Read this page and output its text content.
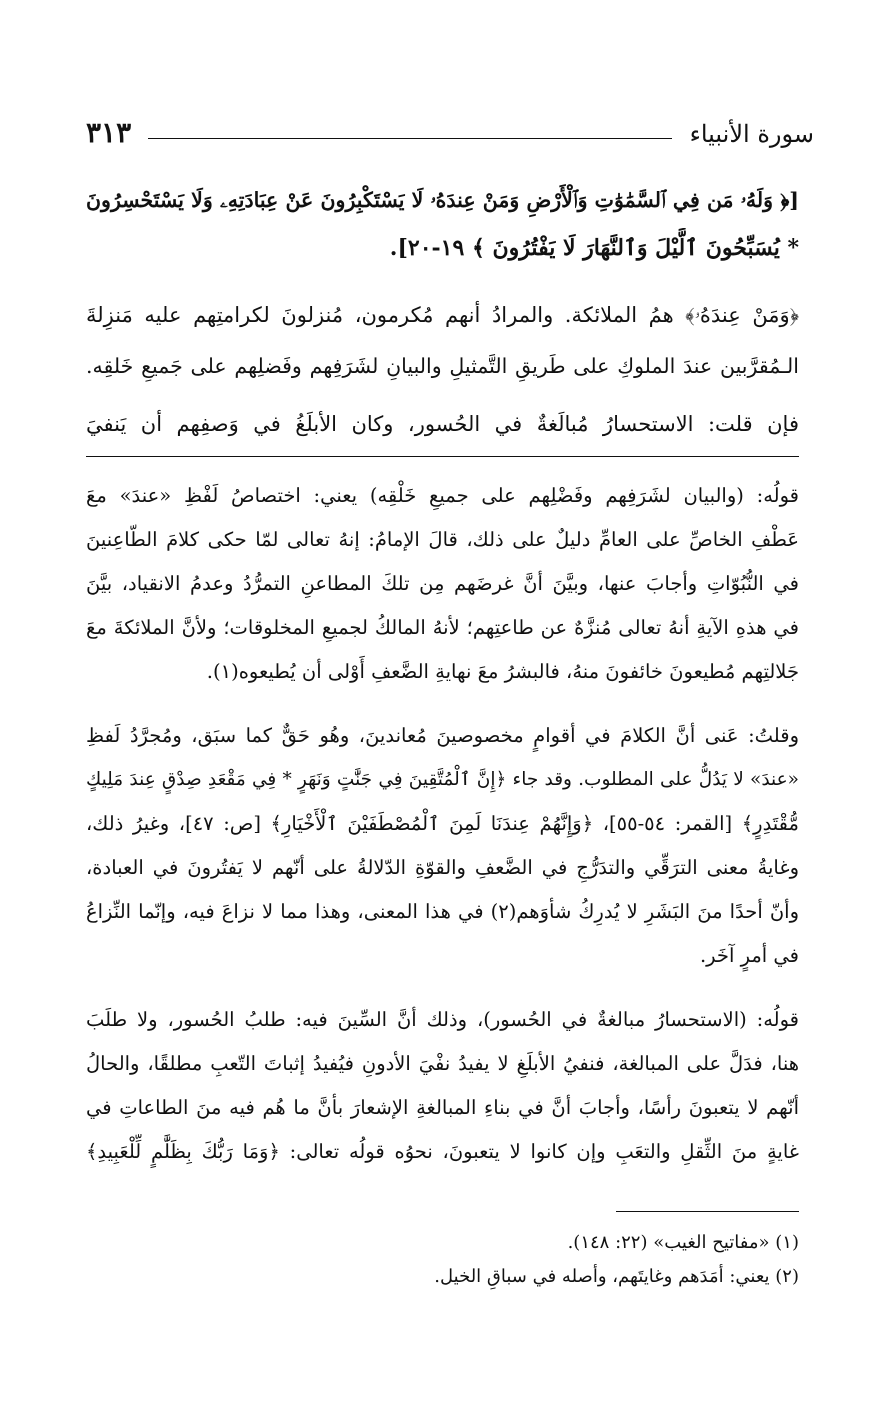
سورة الأنبياء
٣١٣
[﴿ وَلَهُۥ مَن فِي ٱلسَّمَٰوَٰتِ وَٱلْأَرْضِ وَمَنْ عِندَهُۥ لَا يَسْتَكْبِرُونَ عَنْ عِبَادَتِهِۦ وَلَا يَسْتَحْسِرُونَ
* يُسَبِّحُونَ ٱلَّيْلَ وَٱلنَّهَارَ لَا يَفْتُرُونَ ﴾ ١٩-٢٠].
﴿وَمَنْ عِندَهُۥ﴾ همُ الملائكة. والمرادُ أنهم مُكرمون، مُنزلونَ لكرامتِهم عليه مَنزِلةَ
الـمُقرَّبين عندَ الملوكِ على طَريقِ التَّمثيلِ والبيانِ لشَرَفِهم وفَضلِهم على جَميعِ خَلقِه.
فإن قلت: الاستحسارُ مُبالَغةٌ في الحُسور، وكان الأبلَغُ في وَصفِهم أن يَنفيَ
قولُه: (والبيان لشَرَفِهم وفَضْلِهم على جميعِ خَلْقِه) يعني: اختصاصُ لَفْظِ «عندَ» معَ
عَطْفِ الخاصِّ على العامِّ دليلٌ على ذلك، قالَ الإمامُ: إنهُ تعالى لمّا حكى كلامَ الطّاعِنينَ
في النُّبُوّاتِ وأجابَ عنها، وبيَّنَ أنَّ غرضَهم مِن تلكَ المطاعنِ التمرُّدُ وعدمُ الانقياد، بيَّنَ
في هذهِ الآيةِ أنهُ تعالى مُنزَّهٌ عن طاعتِهم؛ لأنهُ المالكُ لجميعِ المخلوقات؛ ولأنَّ الملائكةَ معَ
جَلالتِهم مُطيعونَ خائفونَ منهُ، فالبشرُ معَ نهايةِ الضَّعفِ أَوْلى أن يُطيعوه(١).
وقلتُ: عَنى أنَّ الكلامَ في أقوامٍ مخصوصينَ مُعاندينَ، وهُو حَقٌّ كما سبَق، ومُجرَّدُ لَفظِ
«عندَ» لا يَدُلُّ على المطلوب. وقد جاء ﴿إِنَّ ٱلْمُتَّقِينَ فِي جَنَّٰتٍ وَنَهَرٍ * فِي مَقْعَدِ صِدْقٍ عِندَ مَلِيكٍ
مُّقْتَدِرٍ﴾ [القمر: ٥٤-٥٥]، ﴿وَإِنَّهُمْ عِندَنَا لَمِنَ ٱلْمُصْطَفَيْنَ ٱلْأَخْيَارِ﴾ [ص: ٤٧]، وغيرُ ذلك،
وغايةُ معنى الترَقِّي والتدَرُّجِ في الضَّعفِ والقوّةِ الدّلالةُ على أنّهم لا يَفتُرونَ في العبادة،
وأنّ أحدًا منَ البَشَرِ لا يُدرِكُ شأوَهم(٢) في هذا المعنى، وهذا مما لا نزاعَ فيه، وإنّما النِّزاعُ
في أمرٍ آخَر.
قولُه: (الاستحسارُ مبالغةٌ في الحُسور)، وذلك أنَّ السِّينَ فيه: طلبُ الحُسور، ولا طلَبَ
هنا، فدَلَّ على المبالغة، فنفيُ الأبلَغِ لا يفيدُ نفْيَ الأدونِ فيُفيدُ إثباتَ التّعبِ مطلقًا، والحالُ
أنّهم لا يتعبونَ رأسًا، وأجابَ أنَّ في بناءِ المبالغةِ الإشعارَ بأنَّ ما هُم فيه منَ الطاعاتِ في
غايةٍ منَ الثِّقلِ والتعَبِ وإن كانوا لا يتعبونَ، نحوُه قولُه تعالى: ﴿وَمَا رَبُّكَ بِظَلَّٰمٍ لِّلْعَبِيدِ﴾
(١) «مفاتيح الغيب» (٢٢: ١٤٨).
(٢) يعني: أمَدَهم وغايتَهم، وأصله في سباقِ الخيل.
